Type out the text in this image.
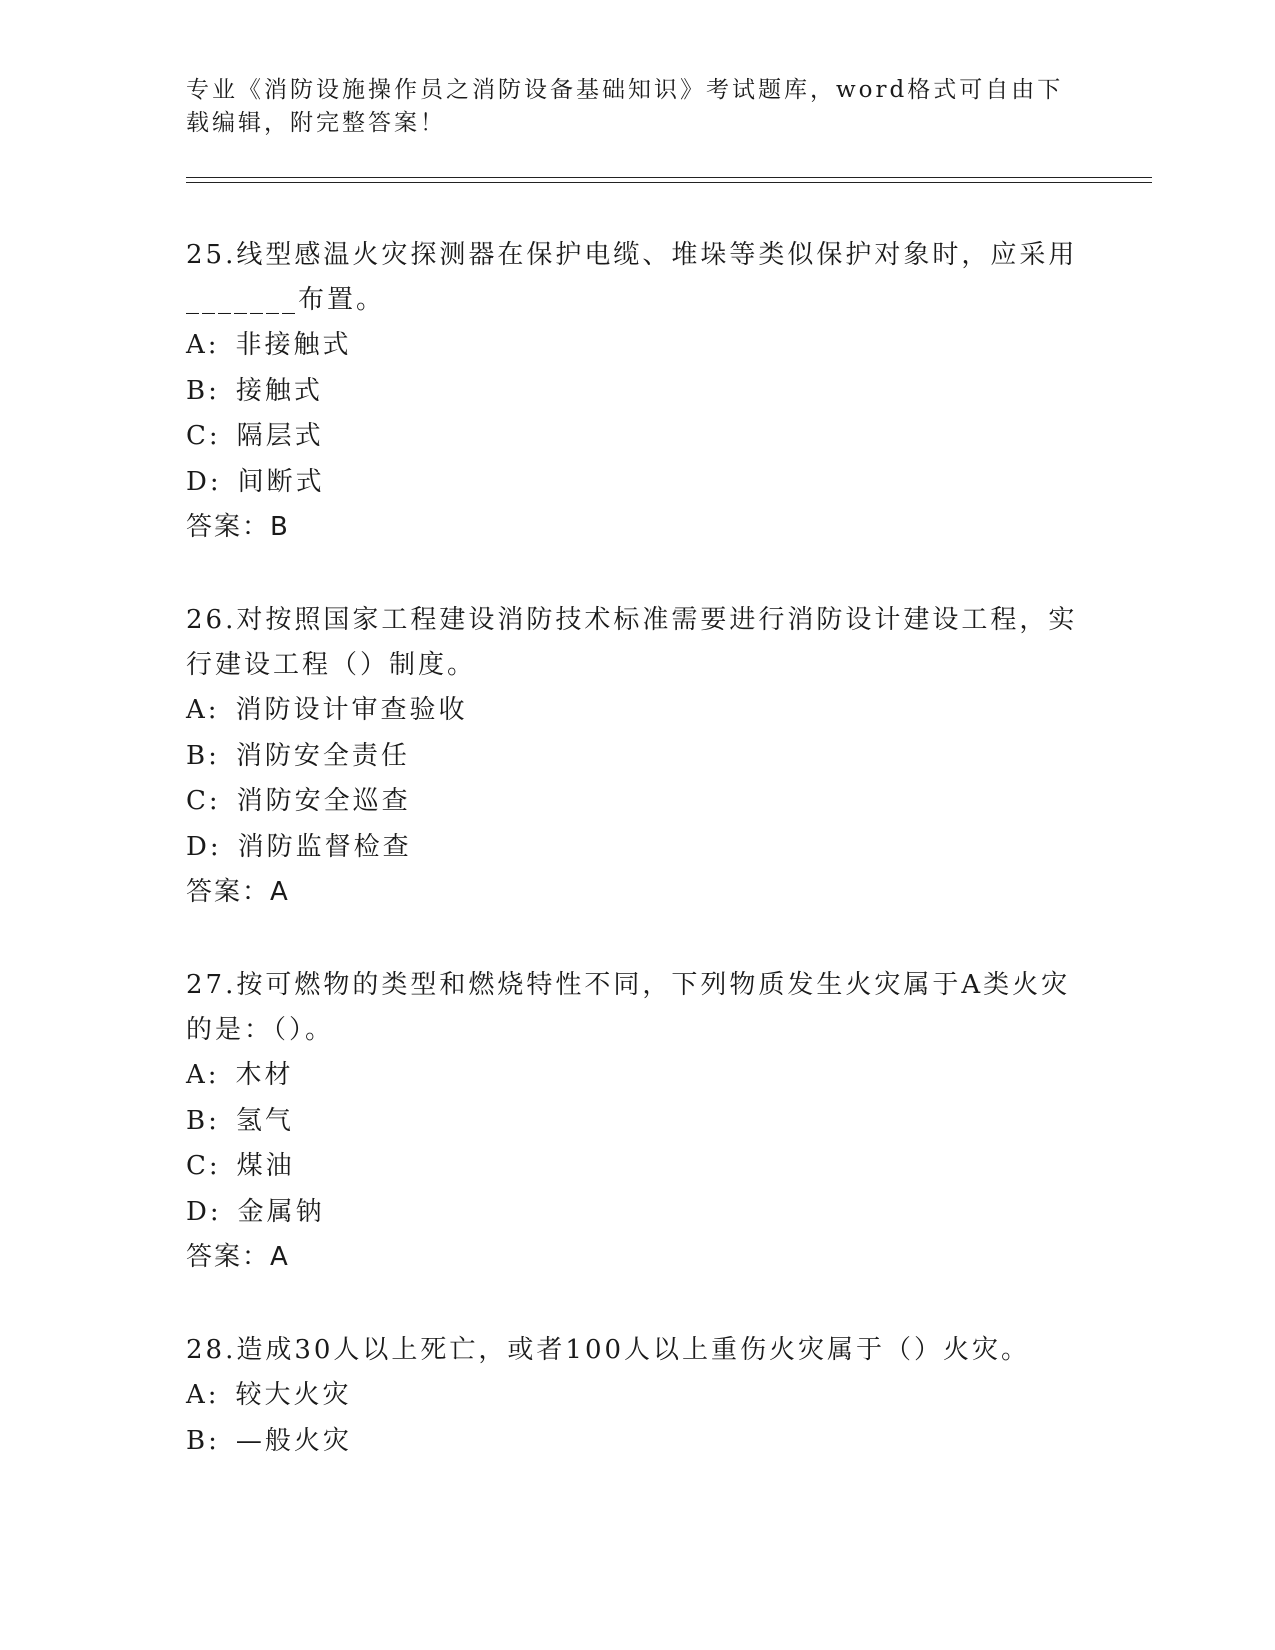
专业《消防设施操作员之消防设备基础知识》考试题库，word格式可自由下载编辑，附完整答案！

25.线型感温火灾探测器在保护电缆、堆垛等类似保护对象时，应采用_______布置。

A: 非接触式
B: 接触式
C: 隔层式
D: 间断式
答案：B

26.对按照国家工程建设消防技术标准需要进行消防设计建设工程，实行建设工程（）制度。

A: 消防设计审查验收
B: 消防安全责任
C: 消防安全巡查
D: 消防监督检查
答案：A

27.按可燃物的类型和燃烧特性不同，下列物质发生火灾属于A类火灾的是：（）。

A: 木材
B: 氢气
C: 煤油
D: 金属钠
答案：A

28.造成30人以上死亡，或者100人以上重伤火灾属于（）火灾。

A: 较大火灾
B: —般火灾
